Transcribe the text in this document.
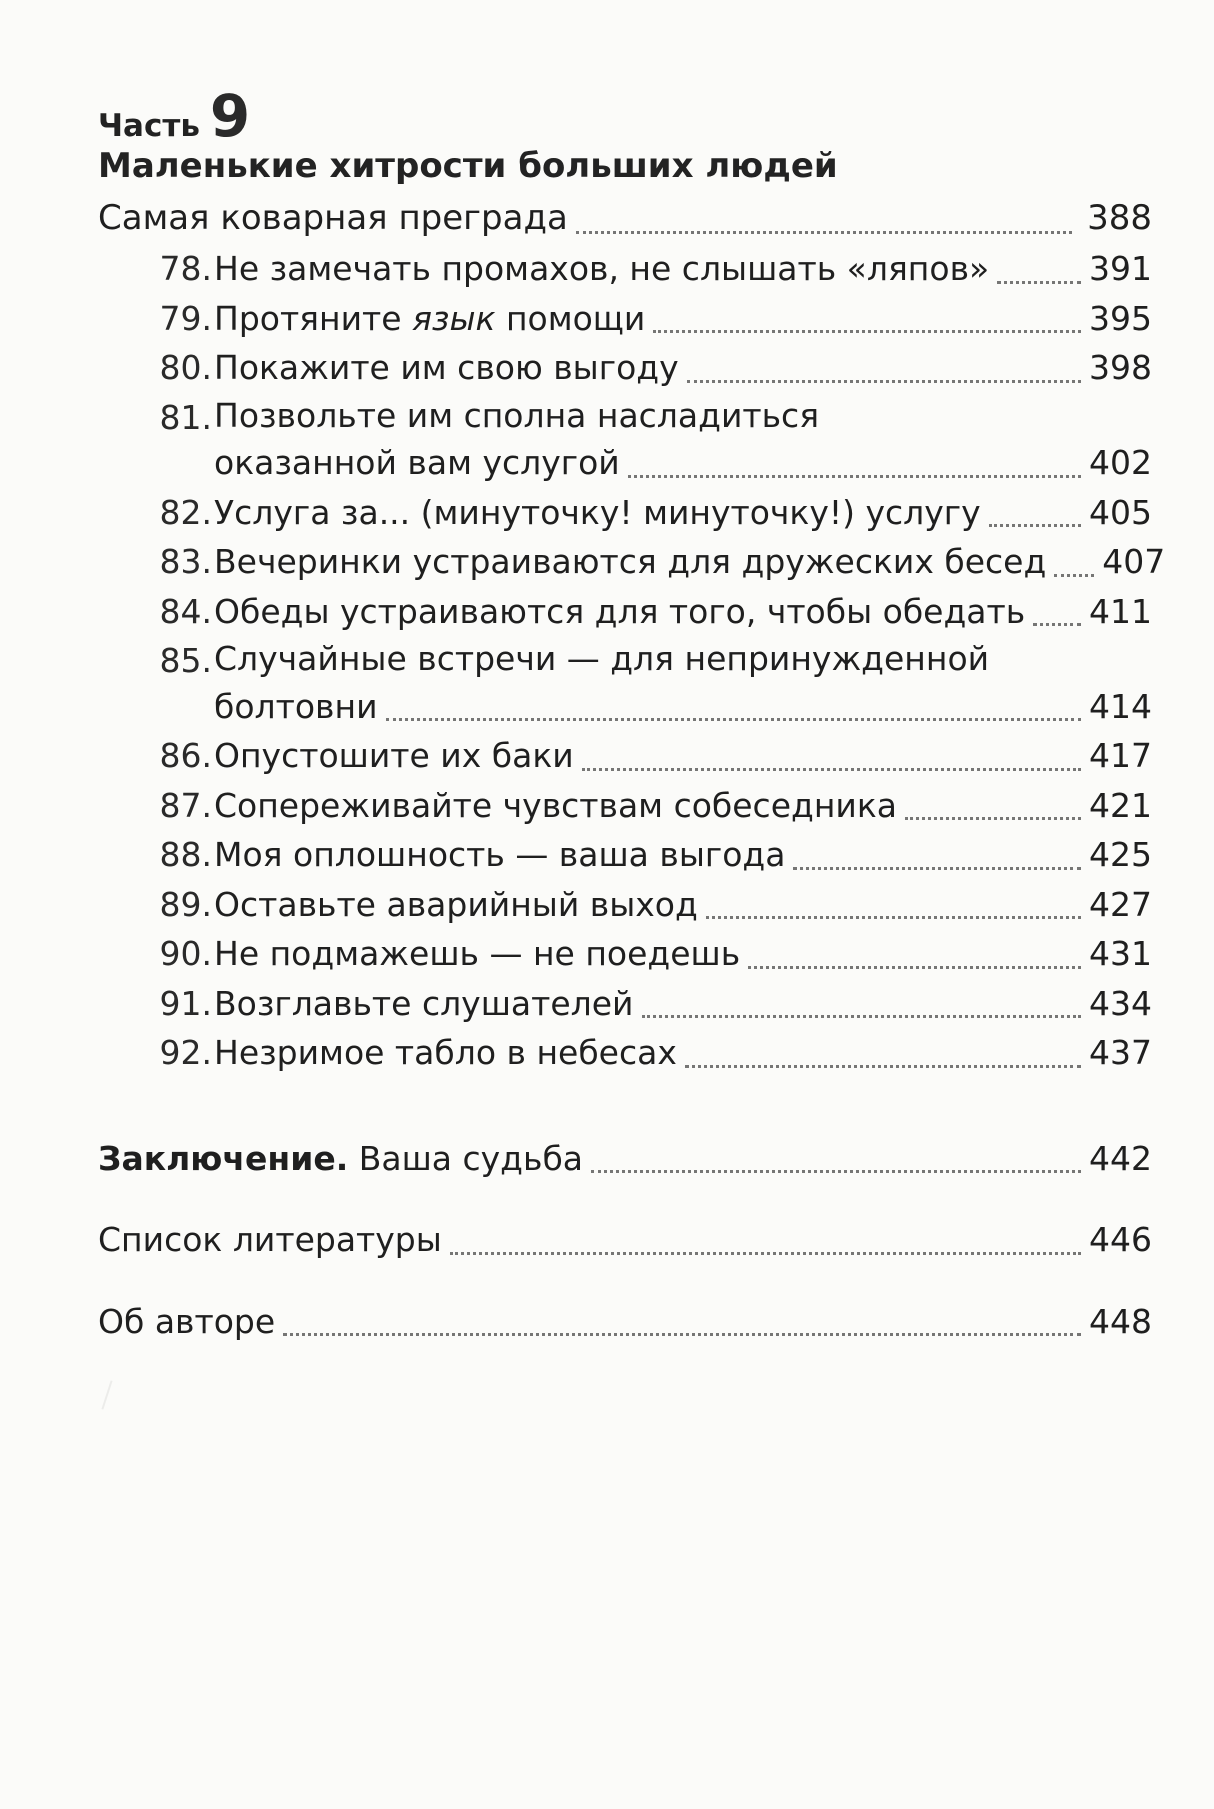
Часть 9
Маленькие хитрости больших людей
Самая коварная преграда	388
78. Не замечать промахов, не слышать «ляпов»	391
79. Протяните язык помощи	395
80. Покажите им свою выгоду	398
81. Позвольте им сполна насладиться
оказанной вам услугой	402
82. Услуга за... (минуточку! минуточку!) услугу	405
83. Вечеринки устраиваются для дружеских бесед 407
84. Обеды устраиваются для того, чтобы обедать 411
85. Случайные встречи — для непринужденной
болтовни	414
86. Опустошите их баки	417
87. Сопереживайте чувствам собеседника	421
88. Моя оплошность — ваша выгода	425
89. Оставьте аварийный выход	427
90. Не подмажешь — не поедешь	431
91. Возглавьте слушателей	434
92. Незримое табло в небесах	437
Заключение. Ваша судьба	442
Список литературы	446
Об авторе	448
